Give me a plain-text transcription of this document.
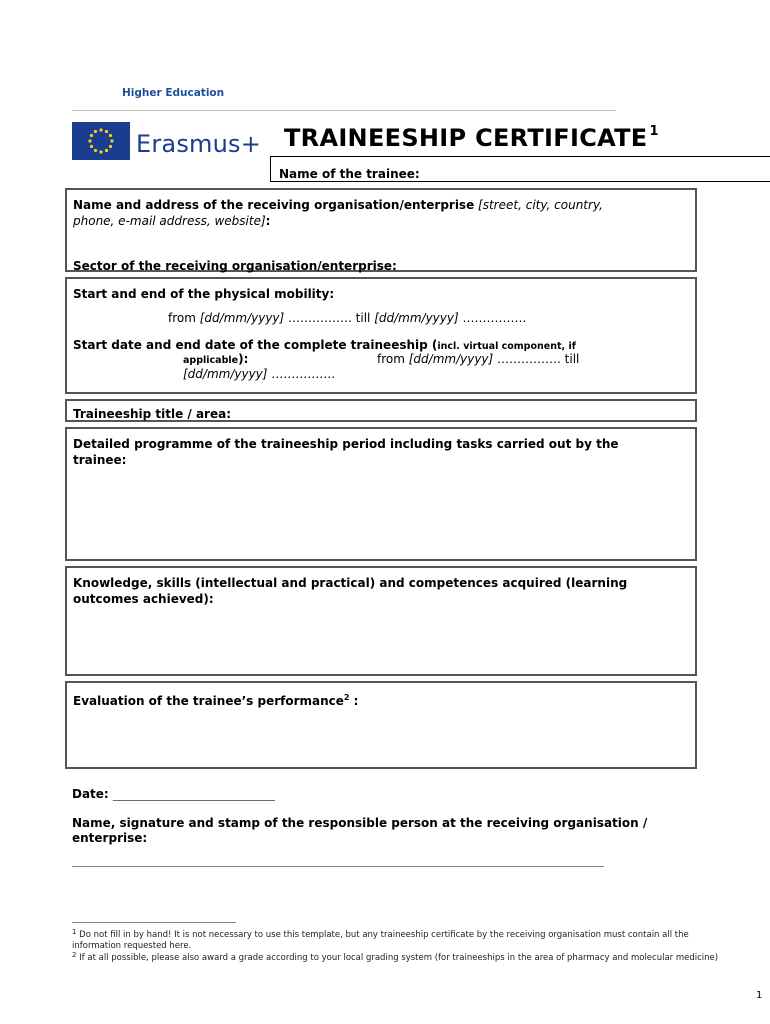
Higher Education
Erasmus+ TRAINEESHIP CERTIFICATE $^1$
Name of the trainee:
Name and address of the receiving organisation/enterprise [street, city, country,
phone, e-mail address, website]:
Sector of the receiving organisation/enterprise:
Start and end of the physical mobility:
from [dd/mm/yyyy] ……………. till [dd/mm/yyyy] …………….
Start date and end date of the complete traineeship (incl. virtual component, if
applicable):	from [dd/mm/yyyy] ……………. till
[dd/mm/yyyy] …………….
Traineeship title / area:
Detailed programme of the traineeship period including tasks carried out by the
trainee:
Knowledge, skills (intellectual and practical) and competences acquired (learning
outcomes achieved):
Evaluation of the trainee’s performance$^2$ :
Date: ___________________________
Name, signature and stamp of the responsible person at the receiving organisation /
enterprise:
$^1$ Do not fill in by hand! It is not necessary to use this template, but any traineeship certificate by the receiving organisation must contain all the information requested here.
$^2$ If at all possible, please also award a grade according to your local grading system (for traineeships in the area of pharmacy and molecular medicine)
1
